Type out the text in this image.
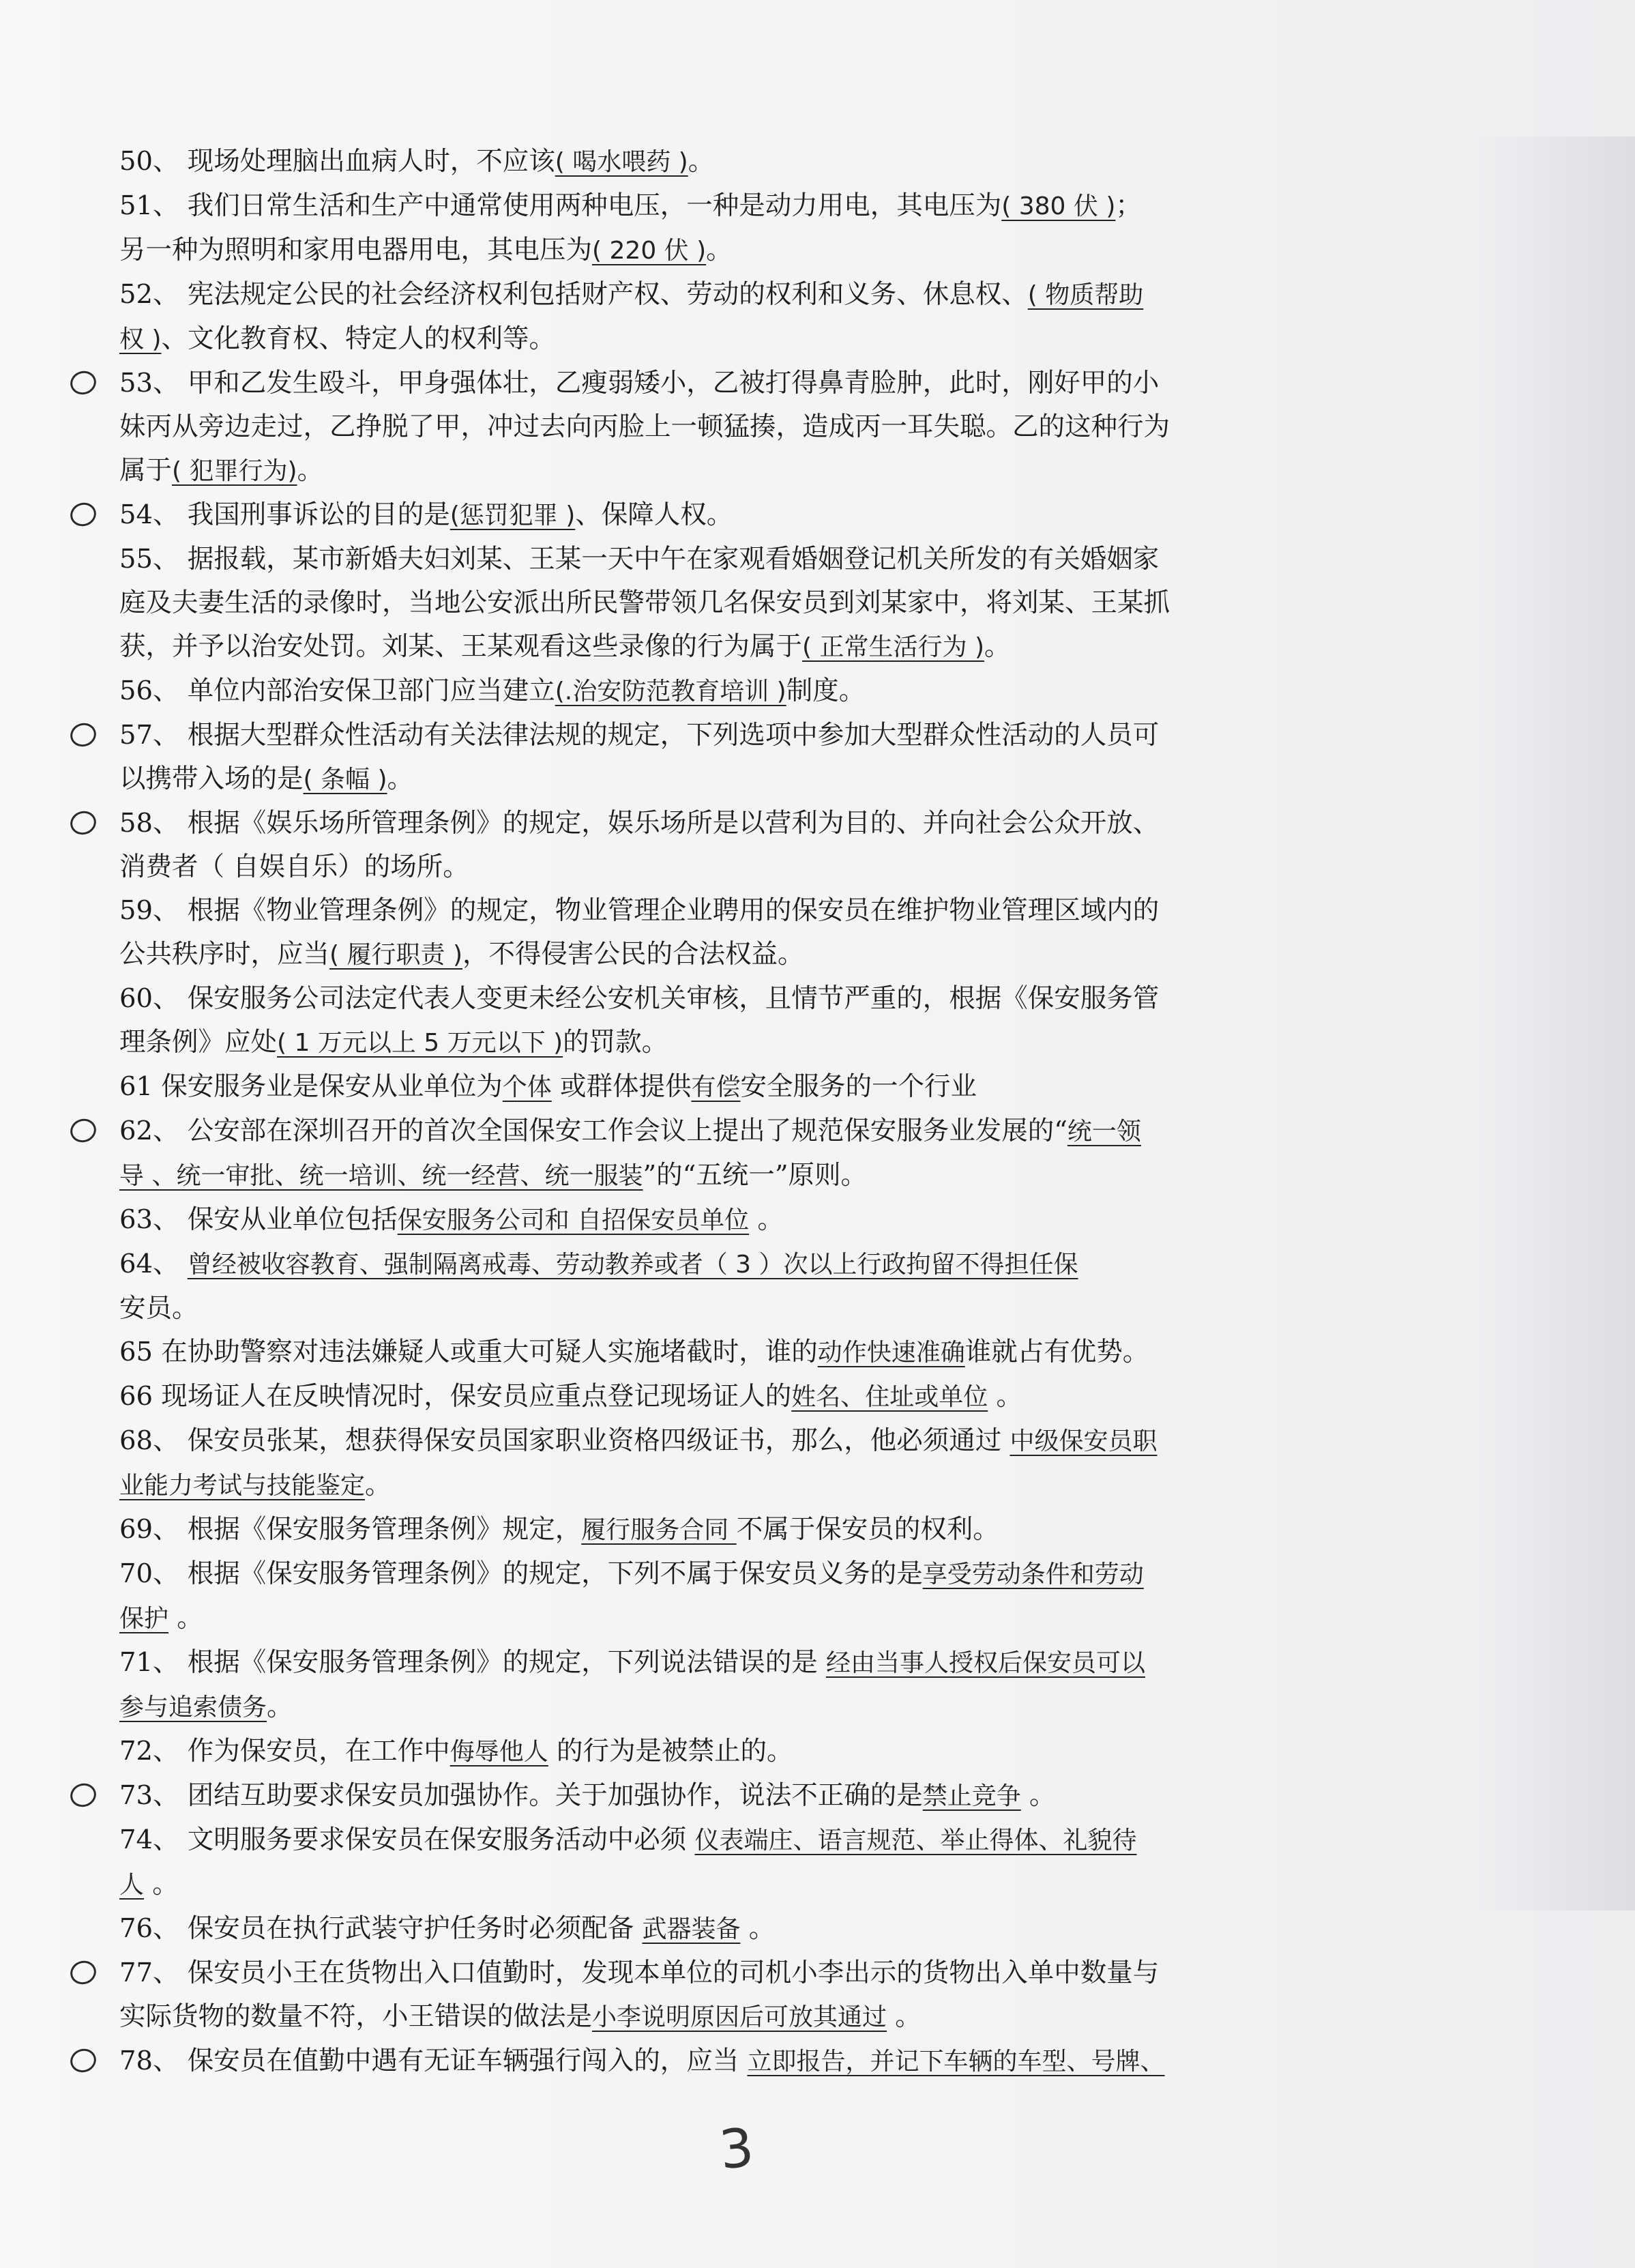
50、 现场处理脑出血病人时，不应该( 喝水喂药 )。
51、 我们日常生活和生产中通常使用两种电压，一种是动力用电，其电压为( 380 伏 )；
另一种为照明和家用电器用电，其电压为( 220 伏 )。
52、 宪法规定公民的社会经济权利包括财产权、劳动的权利和义务、休息权、( 物质帮助
权 )、文化教育权、特定人的权利等。
53、 甲和乙发生殴斗，甲身强体壮，乙瘦弱矮小，乙被打得鼻青脸肿，此时，刚好甲的小
妹丙从旁边走过，乙挣脱了甲，冲过去向丙脸上一顿猛揍，造成丙一耳失聪。乙的这种行为
属于( 犯罪行为)。
54、 我国刑事诉讼的目的是(惩罚犯罪 )、保障人权。
55、 据报载，某市新婚夫妇刘某、王某一天中午在家观看婚姻登记机关所发的有关婚姻家
庭及夫妻生活的录像时，当地公安派出所民警带领几名保安员到刘某家中，将刘某、王某抓
获，并予以治安处罚。刘某、王某观看这些录像的行为属于( 正常生活行为 )。
56、 单位内部治安保卫部门应当建立(.治安防范教育培训 )制度。
57、 根据大型群众性活动有关法律法规的规定，下列选项中参加大型群众性活动的人员可
以携带入场的是( 条幅 )。
58、 根据《娱乐场所管理条例》的规定，娱乐场所是以营利为目的、并向社会公众开放、
消费者（ 自娱自乐）的场所。
59、 根据《物业管理条例》的规定，物业管理企业聘用的保安员在维护物业管理区域内的
公共秩序时，应当( 履行职责 )，不得侵害公民的合法权益。
60、 保安服务公司法定代表人变更未经公安机关审核，且情节严重的，根据《保安服务管
理条例》应处( 1 万元以上 5 万元以下 )的罚款。
61 保安服务业是保安从业单位为个体 或群体提供有偿安全服务的一个行业
62、 公安部在深圳召开的首次全国保安工作会议上提出了规范保安服务业发展的“统一领
导 、统一审批、统一培训、统一经营、统一服装”的“五统一”原则。
63、 保安从业单位包括保安服务公司和 自招保安员单位 。
64、 曾经被收容教育、强制隔离戒毒、劳动教养或者（ 3 ）次以上行政拘留不得担任保
安员。
65 在协助警察对违法嫌疑人或重大可疑人实施堵截时，谁的动作快速准确谁就占有优势。
66 现场证人在反映情况时，保安员应重点登记现场证人的姓名、住址或单位 。
68、 保安员张某，想获得保安员国家职业资格四级证书，那么，他必须通过 中级保安员职
业能力考试与技能鉴定。
69、 根据《保安服务管理条例》规定，履行服务合同 不属于保安员的权利。
70、 根据《保安服务管理条例》的规定，下列不属于保安员义务的是享受劳动条件和劳动
保护 。
71、 根据《保安服务管理条例》的规定，下列说法错误的是 经由当事人授权后保安员可以
参与追索债务。
72、 作为保安员，在工作中侮辱他人 的行为是被禁止的。
73、 团结互助要求保安员加强协作。关于加强协作，说法不正确的是禁止竞争 。
74、 文明服务要求保安员在保安服务活动中必须 仪表端庄、语言规范、举止得体、礼貌待
人 。
76、 保安员在执行武装守护任务时必须配备 武器装备 。
77、 保安员小王在货物出入口值勤时，发现本单位的司机小李出示的货物出入单中数量与
实际货物的数量不符，小王错误的做法是小李说明原因后可放其通过 。
78、 保安员在值勤中遇有无证车辆强行闯入的，应当 立即报告，并记下车辆的车型、号牌、
3
